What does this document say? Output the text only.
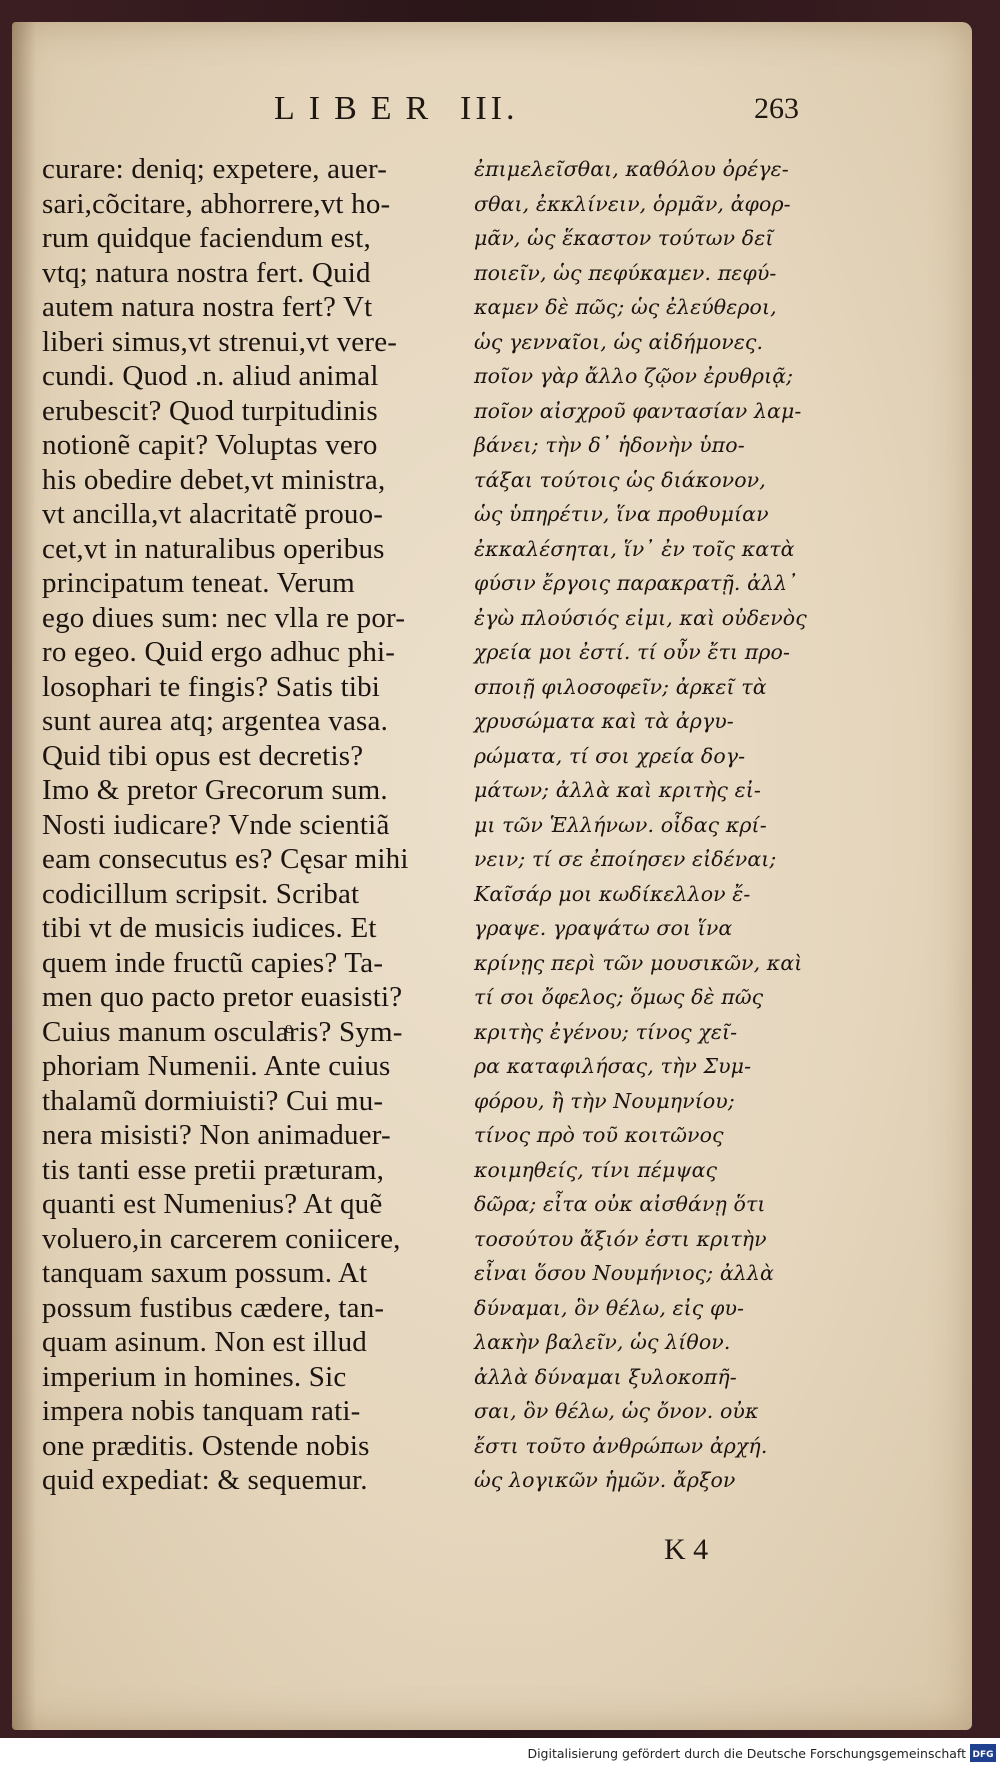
LIBER III.	263
curare: deniq; expetere, auer-
sari,cõcitare, abhorrere,vt ho-
rum quidque faciendum est,
vtq; natura nostra fert. Quid
autem natura nostra fert? Vt
liberi simus,vt strenui,vt vere-
cundi. Quod .n. aliud animal
erubescit? Quod turpitudinis
notionẽ capit? Voluptas vero
his obedire debet,vt ministra,
vt ancilla,vt alacritatẽ prouo-
cet,vt in naturalibus operibus
principatum teneat. Verum
ego diues sum: nec vlla re por-
ro egeo. Quid ergo adhuc phi-
losophari te fingis? Satis tibi
sunt aurea atq; argentea vasa.
Quid tibi opus est decretis?
Imo & pretor Grecorum sum.
Nosti iudicare? Vnde scientiã
eam consecutus es? Cęsar mihi
codicillum scripsit. Scribat
tibi vt de musicis iudices. Et
quem inde fructũ capies? Ta-
men quo pacto pretor euasisti?
Cuius manum osculaͤris? Sym-
phoriam Numenii. Ante cuius
thalamũ dormiuisti? Cui mu-
nera misisti? Non animaduer-
tis tanti esse pretii præturam,
quanti est Numenius? At quẽ
voluero,in carcerem coniicere,
tanquam saxum possum. At
possum fustibus cædere, tan-
quam asinum. Non est illud
imperium in homines. Sic
impera nobis tanquam rati-
one præditis. Ostende nobis
quid expediat: & sequemur.
ἐπιμελεῖσθαι, καθόλου ὀρέγε-
σθαι, ἐκκλίνειν, ὁρμᾶν, ἀφορ-
μᾶν, ὡς ἕκαστον τούτων δεῖ
ποιεῖν, ὡς πεφύκαμεν. πεφύ-
καμεν δὲ πῶς; ὡς ἐλεύθεροι,
ὡς γενναῖοι, ὡς αἰδήμονες.
ποῖον γὰρ ἄλλο ζῷον ἐρυθριᾷ;
ποῖον αἰσχροῦ φαντασίαν λαμ-
βάνει; τὴν δ᾽ ἡδονὴν ὑπο-
τάξαι τούτοις ὡς διάκονον,
ὡς ὑπηρέτιν, ἵνα προθυμίαν
ἐκκαλέσηται, ἵν᾽ ἐν τοῖς κατὰ
φύσιν ἔργοις παρακρατῇ. ἀλλ᾽
ἐγὼ πλούσιός εἰμι, καὶ οὐδενὸς
χρεία μοι ἐστί. τί οὖν ἔτι προ-
σποιῇ φιλοσοφεῖν; ἀρκεῖ τὰ
χρυσώματα καὶ τὰ ἀργυ-
ρώματα, τί σοι χρεία δογ-
μάτων; ἀλλὰ καὶ κριτὴς εἰ-
μι τῶν Ἑλλήνων. οἶδας κρί-
νειν; τί σε ἐποίησεν εἰδέναι;
Καῖσάρ μοι κωδίκελλον ἔ-
γραψε. γραψάτω σοι ἵνα
κρίνῃς περὶ τῶν μουσικῶν, καὶ
τί σοι ὄφελος; ὅμως δὲ πῶς
κριτὴς ἐγένου; τίνος χεῖ-
ρα καταφιλήσας, τὴν Συμ-
φόρου, ἢ τὴν Νουμηνίου;
τίνος πρὸ τοῦ κοιτῶνος
κοιμηθείς, τίνι πέμψας
δῶρα; εἶτα οὐκ αἰσθάνῃ ὅτι
τοσούτου ἄξιόν ἐστι κριτὴν
εἶναι ὅσου Νουμήνιος; ἀλλὰ
δύναμαι, ὃν θέλω, εἰς φυ-
λακὴν βαλεῖν, ὡς λίθον.
ἀλλὰ δύναμαι ξυλοκοπῆ-
σαι, ὃν θέλω, ὡς ὄνον. οὐκ
ἔστι τοῦτο ἀνθρώπων ἀρχή.
ὡς λογικῶν ἡμῶν. ἄρξον
K 4
Digitalisierung gefördert durch die Deutsche Forschungsgemeinschaft DFG
